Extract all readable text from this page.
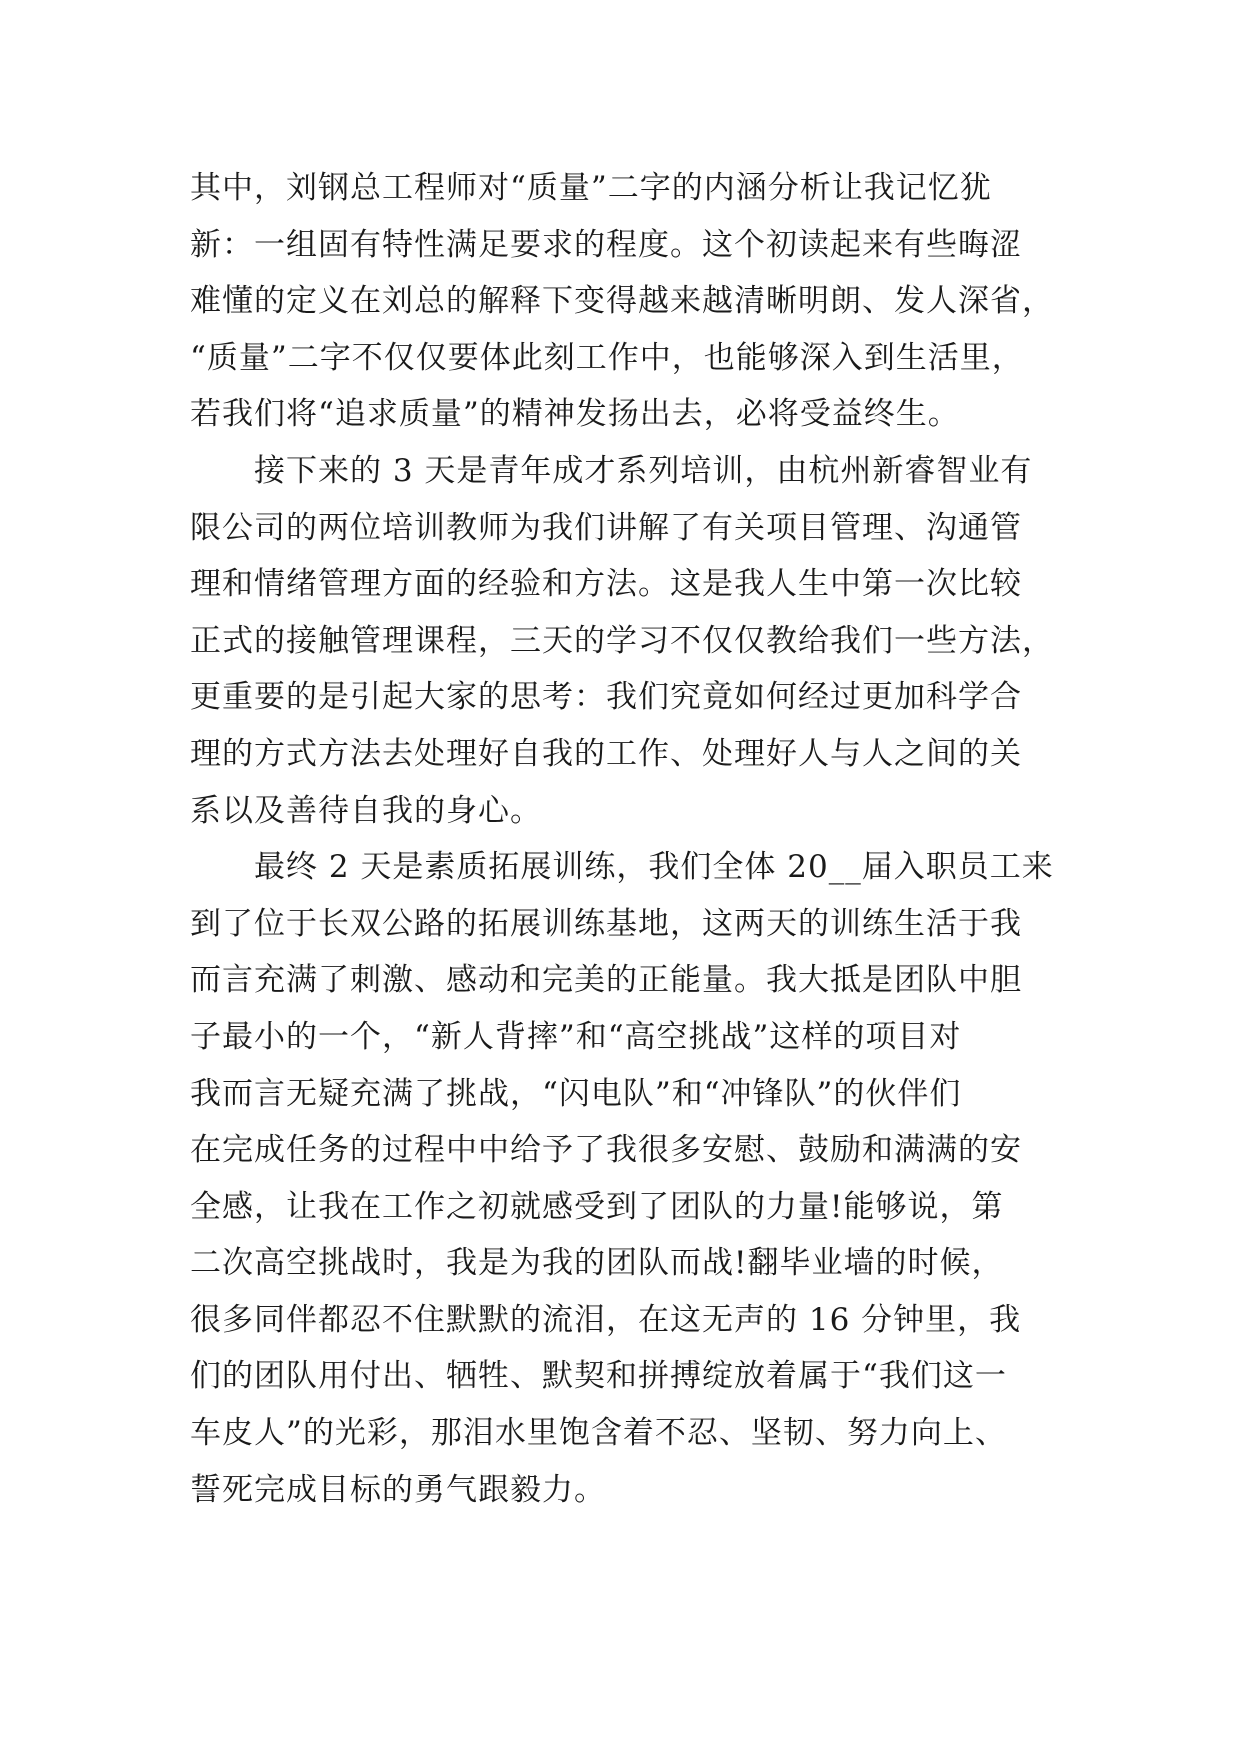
其中，刘钢总工程师对“质量”二字的内涵分析让我记忆犹
新：一组固有特性满足要求的程度。这个初读起来有些晦涩
难懂的定义在刘总的解释下变得越来越清晰明朗、发人深省，
“质量”二字不仅仅要体此刻工作中，也能够深入到生活里，
若我们将“追求质量”的精神发扬出去，必将受益终生。
　　接下来的 3 天是青年成才系列培训，由杭州新睿智业有
限公司的两位培训教师为我们讲解了有关项目管理、沟通管
理和情绪管理方面的经验和方法。这是我人生中第一次比较
正式的接触管理课程，三天的学习不仅仅教给我们一些方法，
更重要的是引起大家的思考：我们究竟如何经过更加科学合
理的方式方法去处理好自我的工作、处理好人与人之间的关
系以及善待自我的身心。
　　最终 2 天是素质拓展训练，我们全体 20__届入职员工来
到了位于长双公路的拓展训练基地，这两天的训练生活于我
而言充满了刺激、感动和完美的正能量。我大抵是团队中胆
子最小的一个，“新人背摔”和“高空挑战”这样的项目对
我而言无疑充满了挑战，“闪电队”和“冲锋队”的伙伴们
在完成任务的过程中中给予了我很多安慰、鼓励和满满的安
全感，让我在工作之初就感受到了团队的力量!能够说，第
二次高空挑战时，我是为我的团队而战!翻毕业墙的时候，
很多同伴都忍不住默默的流泪，在这无声的 16 分钟里，我
们的团队用付出、牺牲、默契和拼搏绽放着属于“我们这一
车皮人”的光彩，那泪水里饱含着不忍、坚韧、努力向上、
誓死完成目标的勇气跟毅力。
